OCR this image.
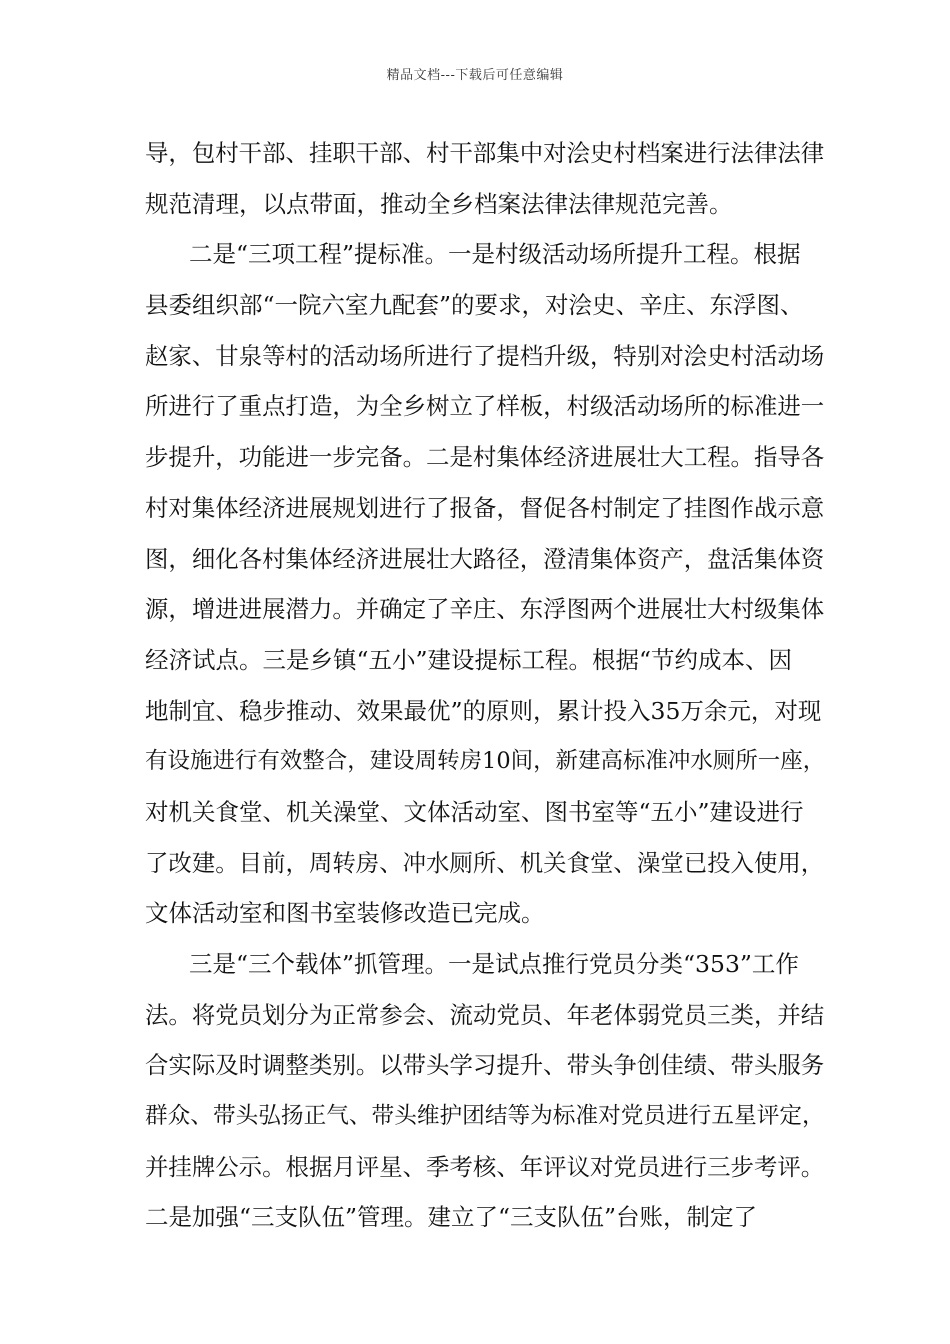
精品文档---下载后可任意编辑
导，包村干部、挂职干部、村干部集中对浍史村档案进行法律法律
规范清理，以点带面，推动全乡档案法律法律规范完善。
二是“三项工程”提标准。一是村级活动场所提升工程。根据
县委组织部“一院六室九配套”的要求，对浍史、辛庄、东浮图、
赵家、甘泉等村的活动场所进行了提档升级，特别对浍史村活动场
所进行了重点打造，为全乡树立了样板，村级活动场所的标准进一
步提升，功能进一步完备。二是村集体经济进展壮大工程。指导各
村对集体经济进展规划进行了报备，督促各村制定了挂图作战示意
图，细化各村集体经济进展壮大路径，澄清集体资产，盘活集体资
源，增进进展潜力。并确定了辛庄、东浮图两个进展壮大村级集体
经济试点。三是乡镇“五小”建设提标工程。根据“节约成本、因
地制宜、稳步推动、效果最优”的原则，累计投入35万余元，对现
有设施进行有效整合，建设周转房10间，新建高标准冲水厕所一座，
对机关食堂、机关澡堂、文体活动室、图书室等“五小”建设进行
了改建。目前，周转房、冲水厕所、机关食堂、澡堂已投入使用，
文体活动室和图书室装修改造已完成。
三是“三个载体”抓管理。一是试点推行党员分类“353”工作
法。将党员划分为正常参会、流动党员、年老体弱党员三类，并结
合实际及时调整类别。以带头学习提升、带头争创佳绩、带头服务
群众、带头弘扬正气、带头维护团结等为标准对党员进行五星评定，
并挂牌公示。根据月评星、季考核、年评议对党员进行三步考评。
二是加强“三支队伍”管理。建立了“三支队伍”台账，制定了
